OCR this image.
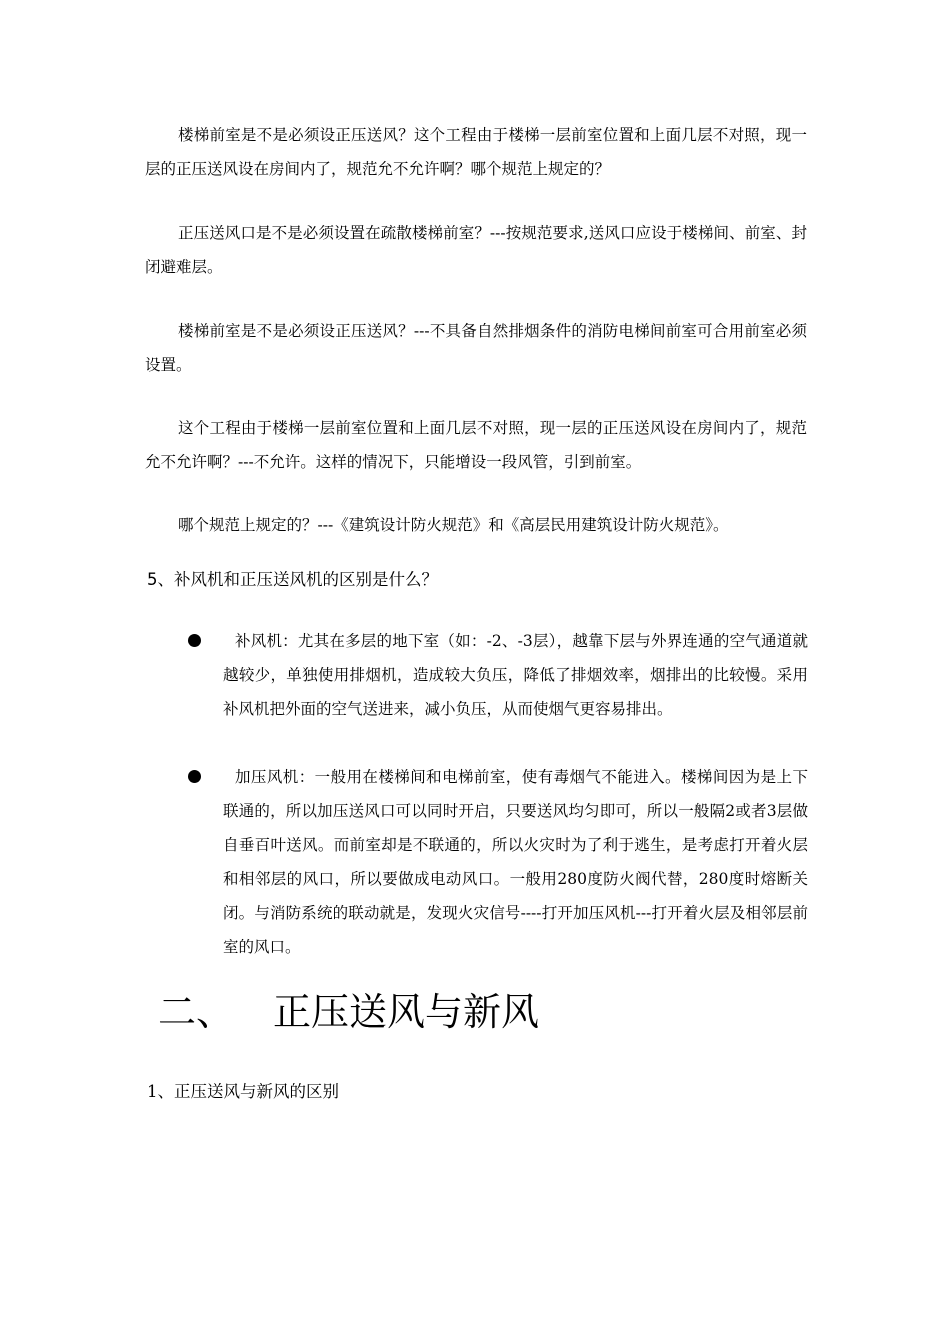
楼梯前室是不是必须设正压送风？这个工程由于楼梯一层前室位置和上面几层不对照，现一层的正压送风设在房间内了，规范允不允许啊？哪个规范上规定的？

正压送风口是不是必须设置在疏散楼梯前室？---按规范要求,送风口应设于楼梯间、前室、封闭避难层。

楼梯前室是不是必须设正压送风？---不具备自然排烟条件的消防电梯间前室可合用前室必须设置。

这个工程由于楼梯一层前室位置和上面几层不对照，现一层的正压送风设在房间内了，规范允不允许啊？---不允许。这样的情况下，只能增设一段风管，引到前室。

哪个规范上规定的？---《建筑设计防火规范》和《高层民用建筑设计防火规范》。

5、补风机和正压送风机的区别是什么？

补风机：尤其在多层的地下室（如：-2、-3层），越靠下层与外界连通的空气通道就越较少，单独使用排烟机，造成较大负压，降低了排烟效率，烟排出的比较慢。采用补风机把外面的空气送进来，减小负压，从而使烟气更容易排出。

加压风机：一般用在楼梯间和电梯前室，使有毒烟气不能进入。楼梯间因为是上下联通的，所以加压送风口可以同时开启，只要送风均匀即可，所以一般隔2或者3层做自垂百叶送风。而前室却是不联通的，所以火灾时为了利于逃生，是考虑打开着火层和相邻层的风口，所以要做成电动风口。一般用280度防火阀代替，280度时熔断关闭。与消防系统的联动就是，发现火灾信号----打开加压风机---打开着火层及相邻层前室的风口。

二、 正压送风与新风
1、正压送风与新风的区别
